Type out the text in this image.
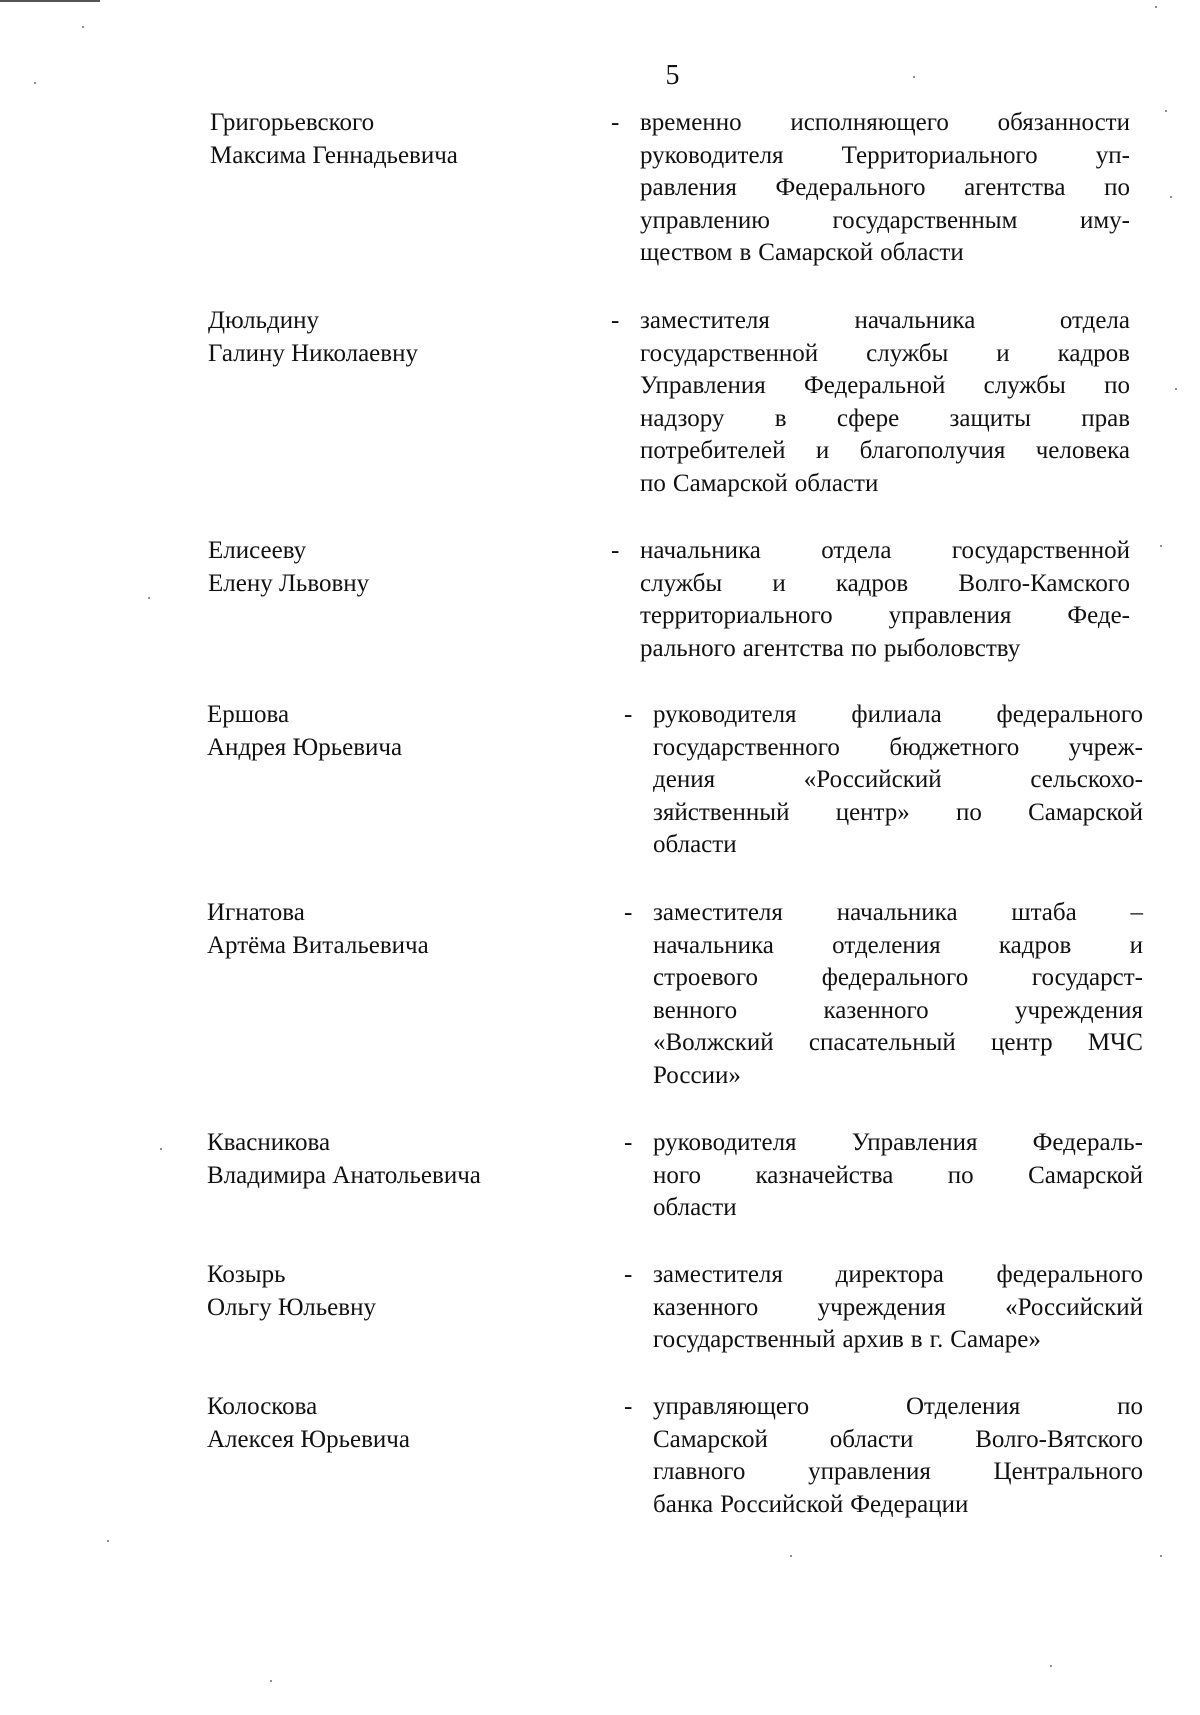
5
Григорьевского
Максима Геннадьевича
- временно исполняющего обязанности
руководителя Территориального уп-
равления Федерального агентства по
управлению	государственным	иму-
ществом в Самарской области
Дюльдину
Галину Николаевну
- заместителя	начальника	отдела
государственной службы и кадров
Управления Федеральной службы по
надзору в сфере защиты прав
потребителей и благополучия человека
по Самарской области
Елисееву
Елену Львовну
- начальника отдела государственной
службы и кадров Волго-Камского
территориального управления Феде-
рального агентства по рыболовству
Ершова
Андрея Юрьевича
- руководителя филиала федерального
государственного бюджетного учреж-
дения	«Российский	сельскохо-
зяйственный центр» по Самарской
области
Игнатова
Артёма Витальевича
- заместителя начальника штаба –
начальника отделения кадров и
строевого	федерального	государст-
венного	казенного	учреждения
«Волжский спасательный центр МЧС
России»
Квасникова
Владимира Анатольевича
- руководителя Управления Федераль-
ного казначейства по Самарской
области
Козырь
Ольгу Юльевну
- заместителя директора федерального
казенного учреждения «Российский
государственный архив в г. Самаре»
Колоскова
Алексея Юрьевича
- управляющего	Отделения	по
Самарской области Волго-Вятского
главного	управления	Центрального
банка Российской Федерации
